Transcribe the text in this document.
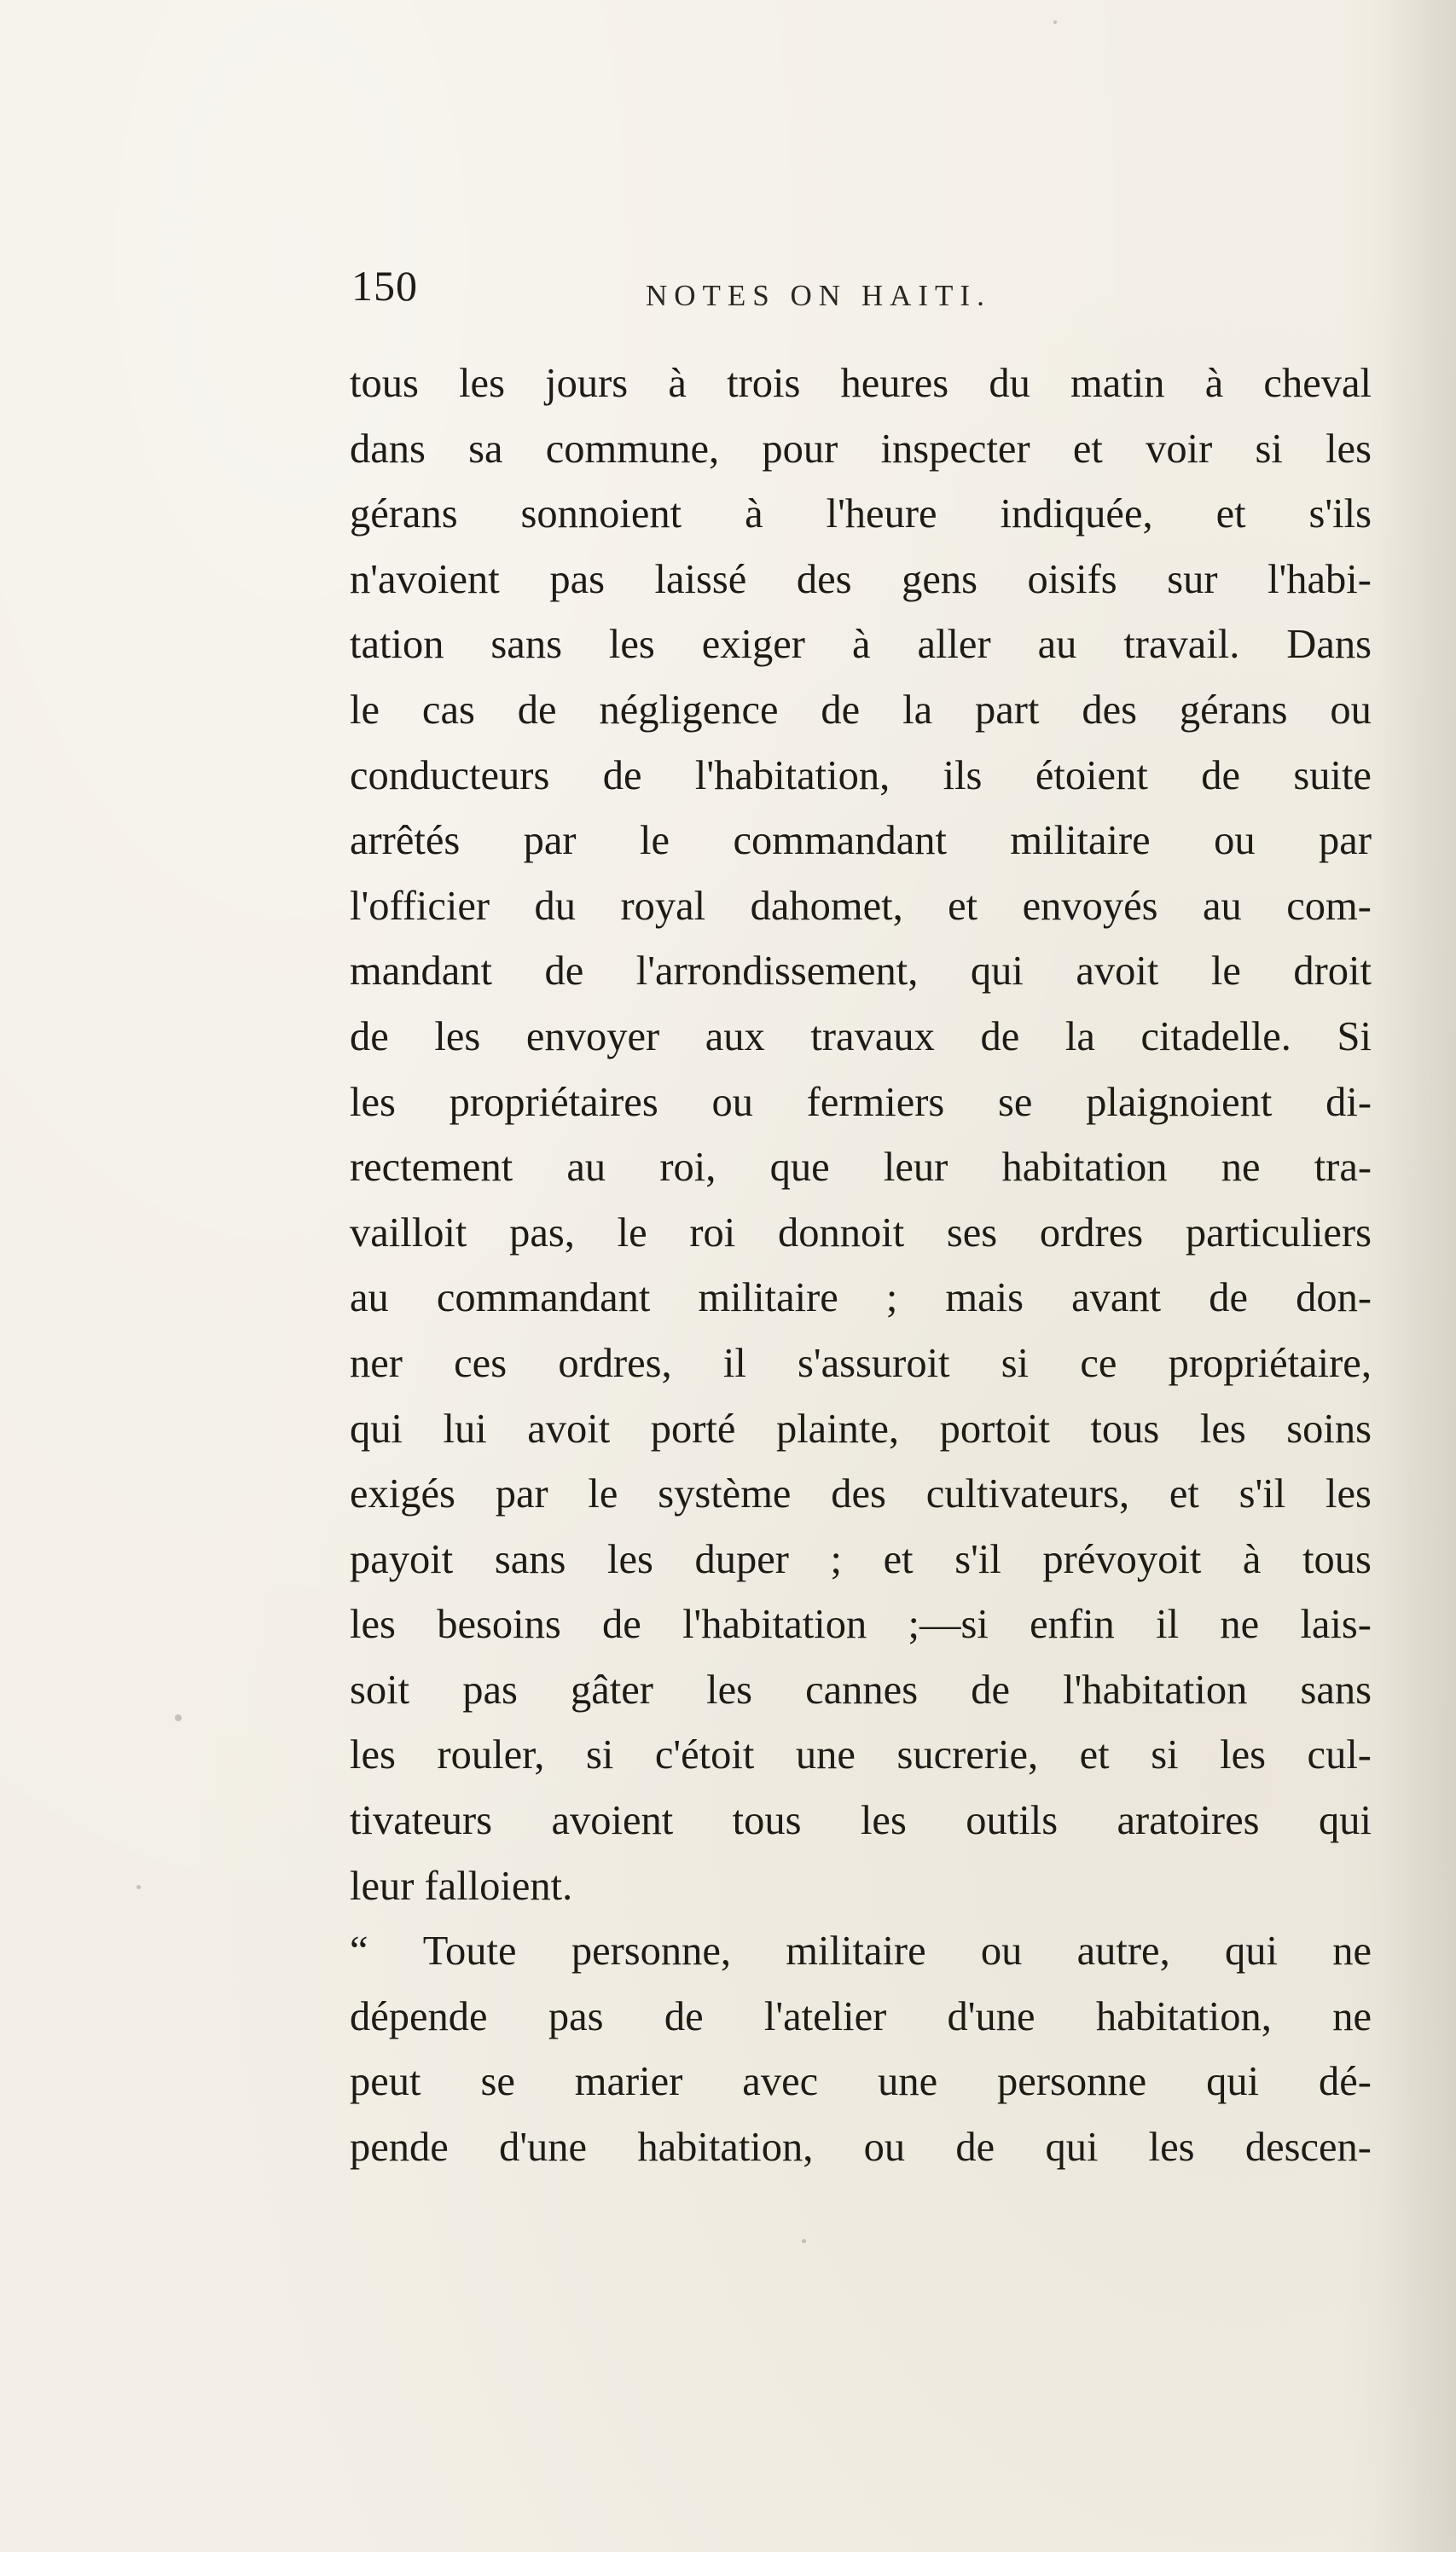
150	NOTES ON HAITI.
tous les jours à trois heures du matin à cheval
dans sa commune, pour inspecter et voir si les
gérans sonnoient à l'heure indiquée, et s'ils
n'avoient pas laissé des gens oisifs sur l'habi-
tation sans les exiger à aller au travail. Dans
le cas de négligence de la part des gérans ou
conducteurs de l'habitation, ils étoient de suite
arrêtés par le commandant militaire ou par
l'officier du royal dahomet, et envoyés au com-
mandant de l'arrondissement, qui avoit le droit
de les envoyer aux travaux de la citadelle. Si
les propriétaires ou fermiers se plaignoient di-
rectement au roi, que leur habitation ne tra-
vailloit pas, le roi donnoit ses ordres particuliers
au commandant militaire ; mais avant de don-
ner ces ordres, il s'assuroit si ce propriétaire,
qui lui avoit porté plainte, portoit tous les soins
exigés par le système des cultivateurs, et s'il les
payoit sans les duper ; et s'il prévoyoit à tous
les besoins de l'habitation ;—si enfin il ne lais-
soit pas gâter les cannes de l'habitation sans
les rouler, si c'étoit une sucrerie, et si les cul-
tivateurs avoient tous les outils aratoires qui
leur falloient.
“ Toute personne, militaire ou autre, qui ne
dépende pas de l'atelier d'une habitation, ne
peut se marier avec une personne qui dé-
pende d'une habitation, ou de qui les descen-
